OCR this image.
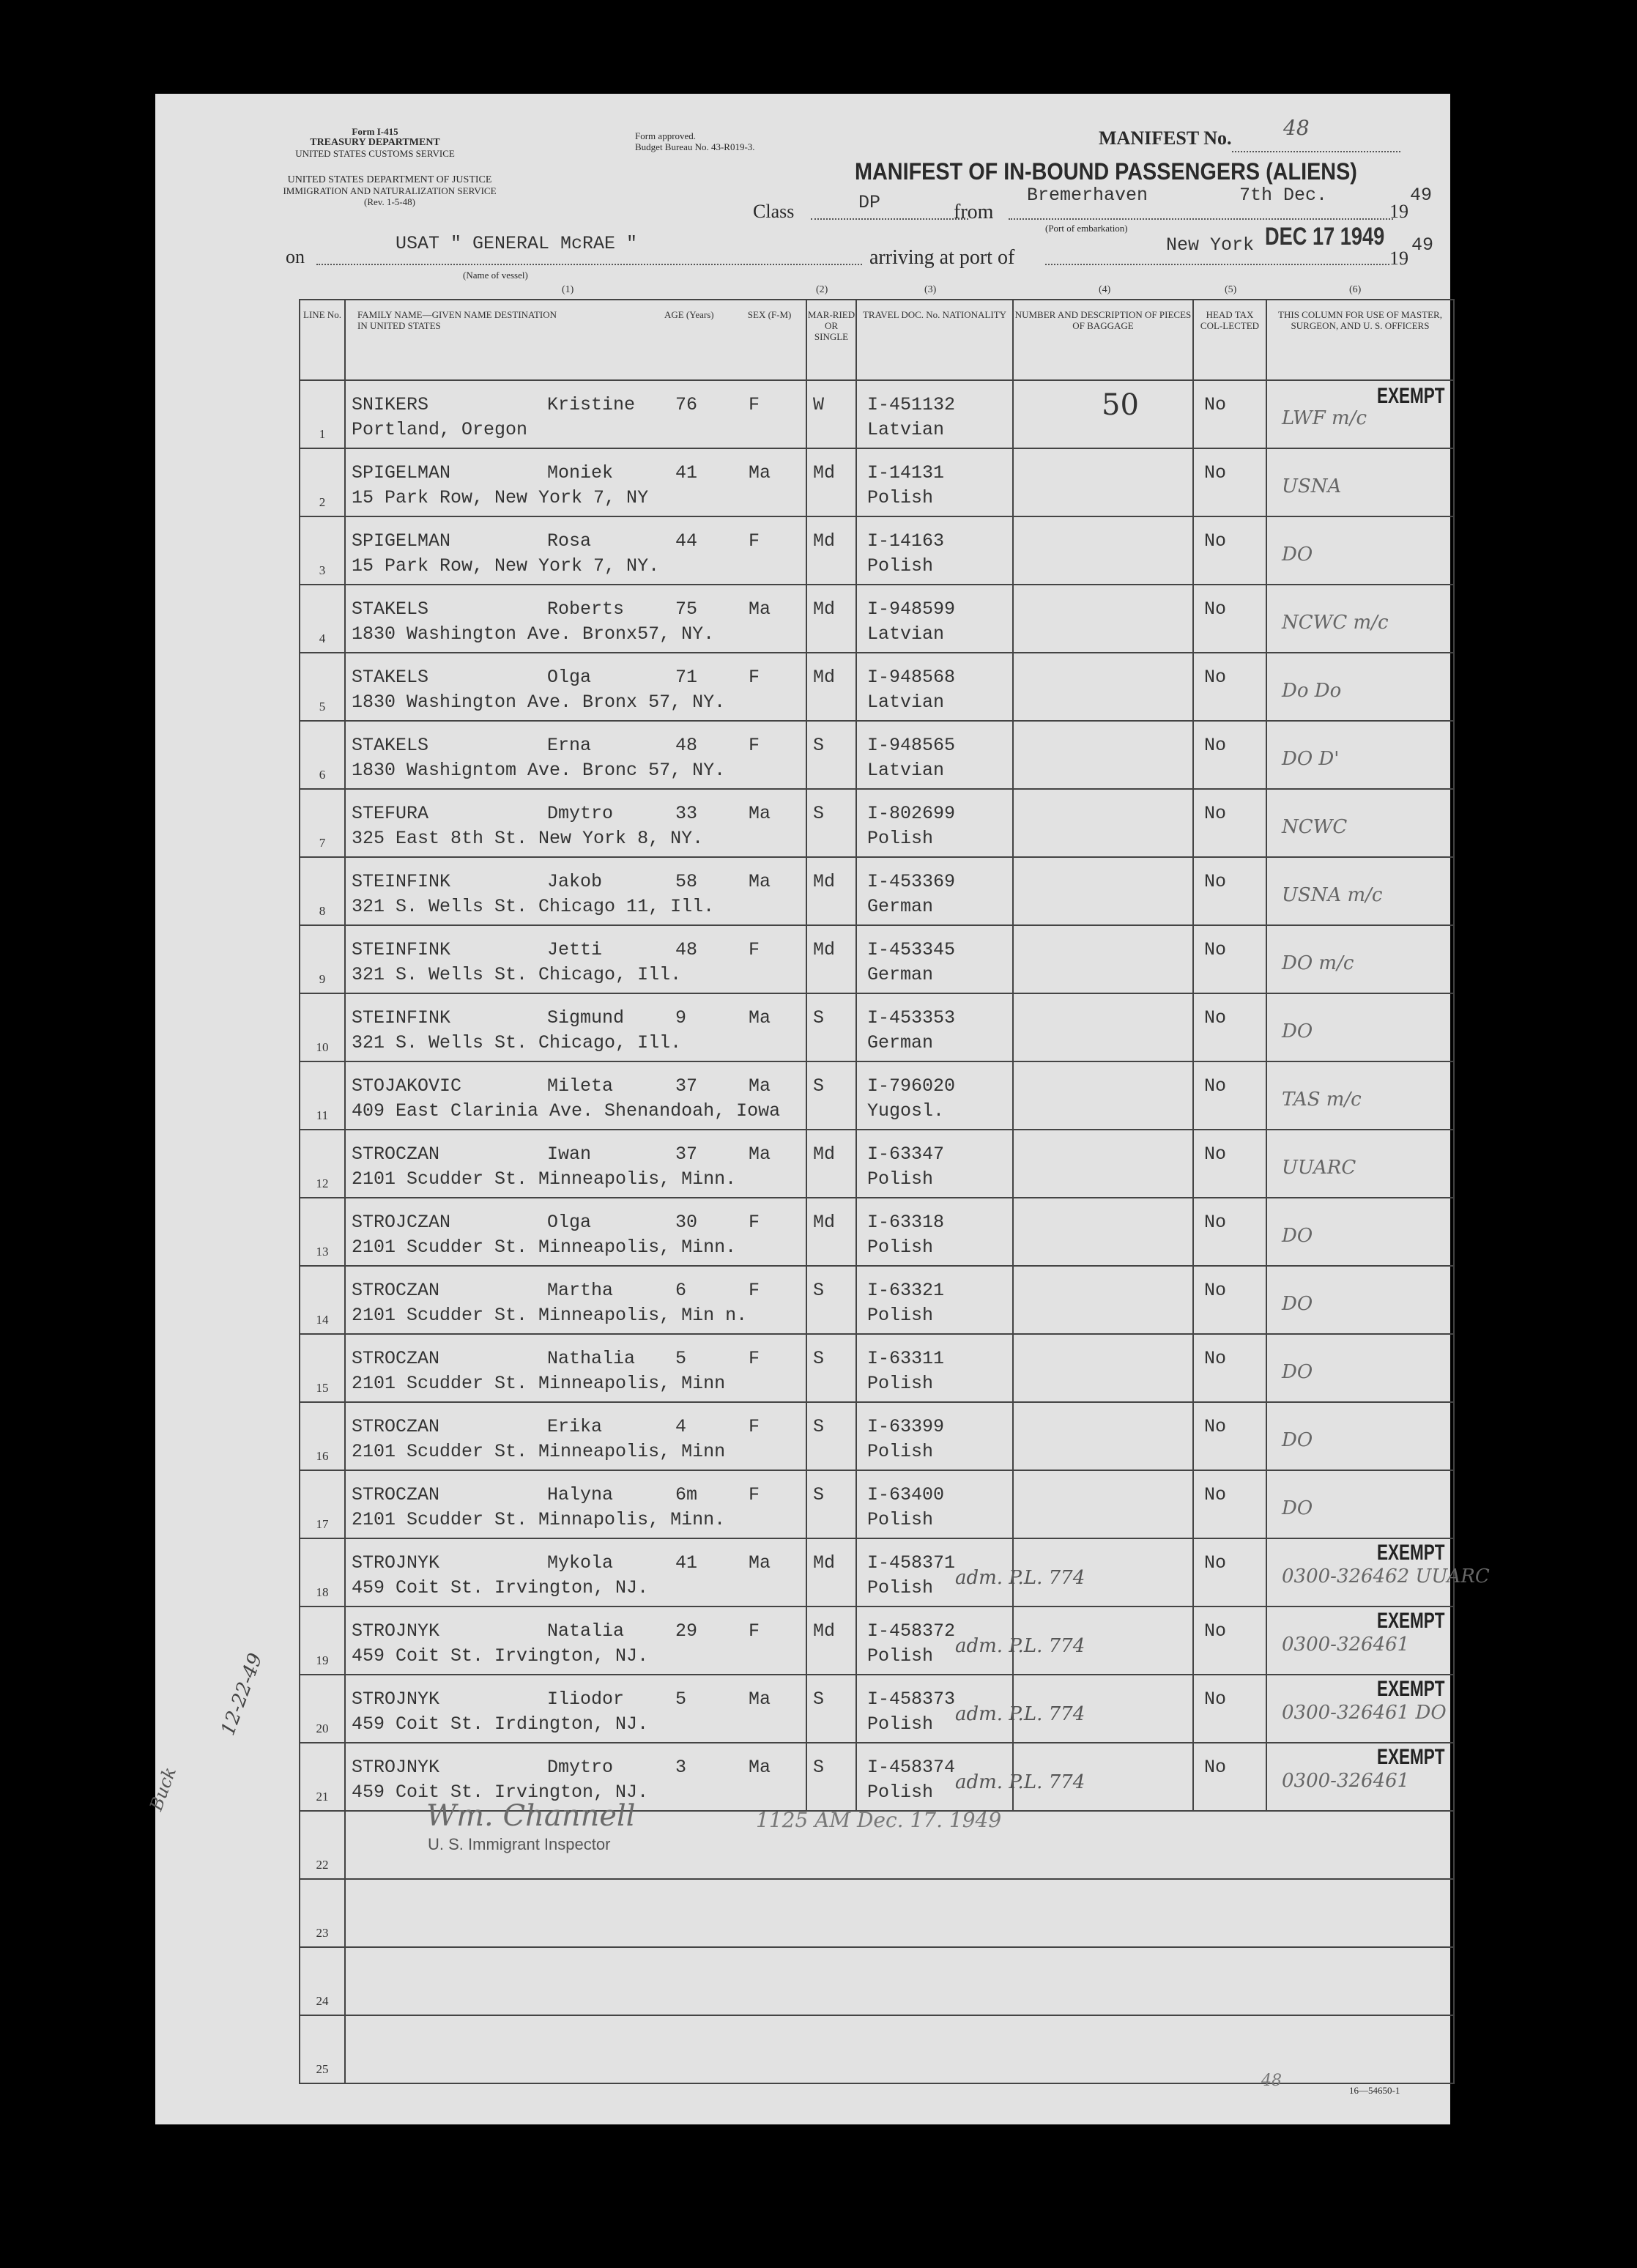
Form I-415
TREASURY DEPARTMENT
UNITED STATES CUSTOMS SERVICE
UNITED STATES DEPARTMENT OF JUSTICE
IMMIGRATION AND NATURALIZATION SERVICE
(Rev. 1-5-48)
Form approved.
Budget Bureau No. 43-R019-3.	MANIFEST No.	48
MANIFEST OF IN-BOUND PASSENGERS (ALIENS)
Class	DP	from
Bremerhaven	7th Dec.
19
49
(Port of embarkation)
on
USAT " GENERAL McRAE "
(Name of vessel)
arriving at port of
New York DEC 17 1949
19
49
(1)	(2)	(3)	(4)	(5)	(6)
LINE No.	FAMILY NAME—GIVEN NAME DESTINATION IN UNITED STATES
AGE (Years) SEX (F-M)	MAR-RIED OR SINGLE	TRAVEL DOC. No. NATIONALITY	NUMBER AND DESCRIPTION OF PIECES OF BAGGAGE	HEAD TAX COL-LECTED	THIS COLUMN FOR USE OF MASTER, SURGEON, AND U. S. OFFICERS

1	SNIKERS Kristine 76 F
Portland, Oregon	W	I-451132
Latvian	50	No	LWF m/c
EXEMPT

2	SPIGELMAN Moniek 41 Ma
15 Park Row, New York 7, NY	Md	I-14131
Polish		No	USNA

3	SPIGELMAN Rosa 44 F
15 Park Row, New York 7, NY.	Md	I-14163
Polish		No	DO

4	STAKELS Roberts 75 Ma
1830 Washington Ave. Bronx57, NY.	Md	I-948599
Latvian		No	NCWC m/c

5	STAKELS Olga 71 F
1830 Washington Ave. Bronx 57, NY.	Md	I-948568
Latvian		No	Do Do

6	STAKELS Erna 48 F
1830 Washigntom Ave. Bronc 57, NY.	S	I-948565
Latvian		No	DO D'

7	STEFURA Dmytro 33 Ma
325 East 8th St. New York 8, NY.	S	I-802699
Polish		No	NCWC

8	STEINFINK Jakob 58 Ma
321 S. Wells St. Chicago 11, Ill.	Md	I-453369
German		No	USNA m/c

9	STEINFINK Jetti 48 F
321 S. Wells St. Chicago, Ill.	Md	I-453345
German		No	DO m/c

10	STEINFINK Sigmund 9 Ma
321 S. Wells St. Chicago, Ill.	S	I-453353
German		No	DO

11	STOJAKOVIC Mileta 37 Ma
409 East Clarinia Ave. Shenandoah, Iowa	S	I-796020
Yugosl.		No	TAS m/c

12	STROCZAN Iwan 37 Ma
2101 Scudder St. Minneapolis, Minn.	Md	I-63347
Polish		No	UUARC

13	STROJCZAN Olga 30 F
2101 Scudder St. Minneapolis, Minn.	Md	I-63318
Polish		No	DO

14	STROCZAN Martha 6 F
2101 Scudder St. Minneapolis, Min n.	S	I-63321
Polish		No	DO

15	STROCZAN Nathalia 5 F
2101 Scudder St. Minneapolis, Minn	S	I-63311
Polish		No	DO

16	STROCZAN Erika 4 F
2101 Scudder St. Minneapolis, Minn	S	I-63399
Polish		No	DO

17	STROCZAN Halyna 6m F
2101 Scudder St. Minnapolis, Minn.	S	I-63400
Polish		No	DO

18	STROJNYK Mykola 41 Ma
459 Coit St. Irvington, NJ.	Md	I-458371
Polish	adm. P.L. 774	No	0300-326462 UUARC
EXEMPT

19	STROJNYK Natalia 29 F
459 Coit St. Irvington, NJ.	Md	I-458372
Polish	adm. P.L. 774	No	0300-326461
EXEMPT

20	STROJNYK Iliodor 5 Ma
459 Coit St. Irdington, NJ.	S	I-458373
Polish	adm. P.L. 774	No	0300-326461 DO
EXEMPT

21	STROJNYK Dmytro 3 Ma
459 Coit St. Irvington, NJ.	S	I-458374
Polish	adm. P.L. 774	No	0300-326461
EXEMPT

22						

23						

24						

25						

Wm. Channell
U. S. Immigrant Inspector
1125 AM Dec. 17. 1949
12-22-49
Buck
48
16—54650-1
